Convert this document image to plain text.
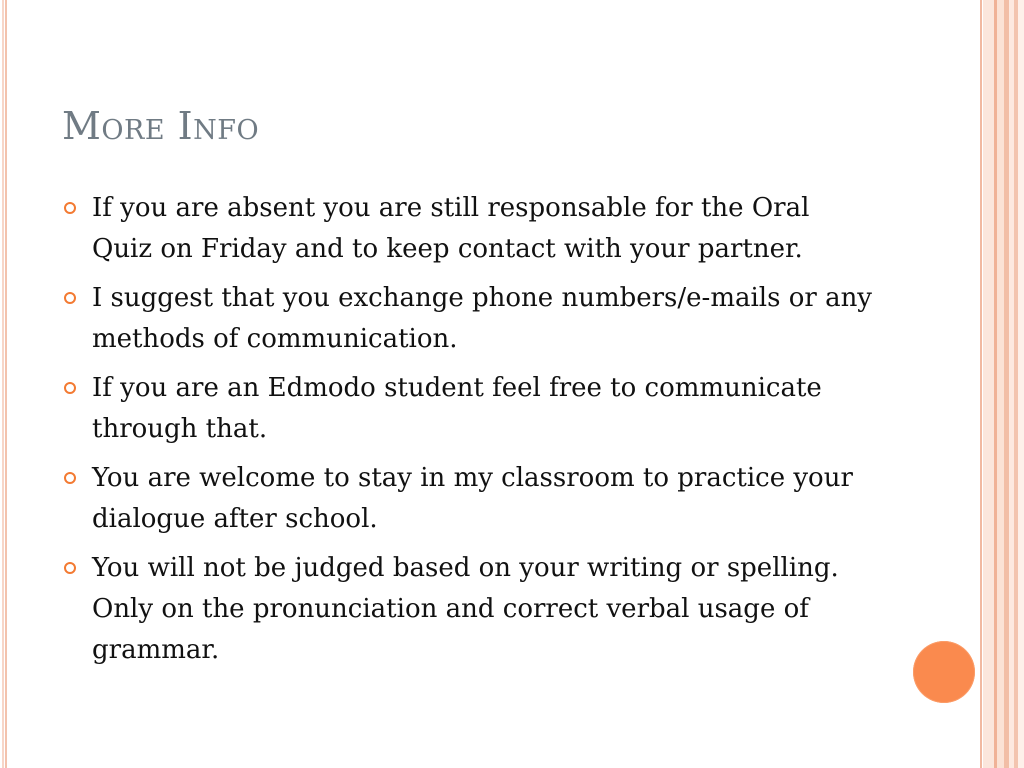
More Info
If you are absent you are still responsable for the Oral Quiz on Friday and to keep contact with your partner.
I suggest that you exchange phone numbers/e-mails or any methods of communication.
If you are an Edmodo student feel free to communicate through that.
You are welcome to stay in my classroom to practice your dialogue after school.
You will not be judged based on your writing or spelling. Only on the pronunciation and correct verbal usage of grammar.
